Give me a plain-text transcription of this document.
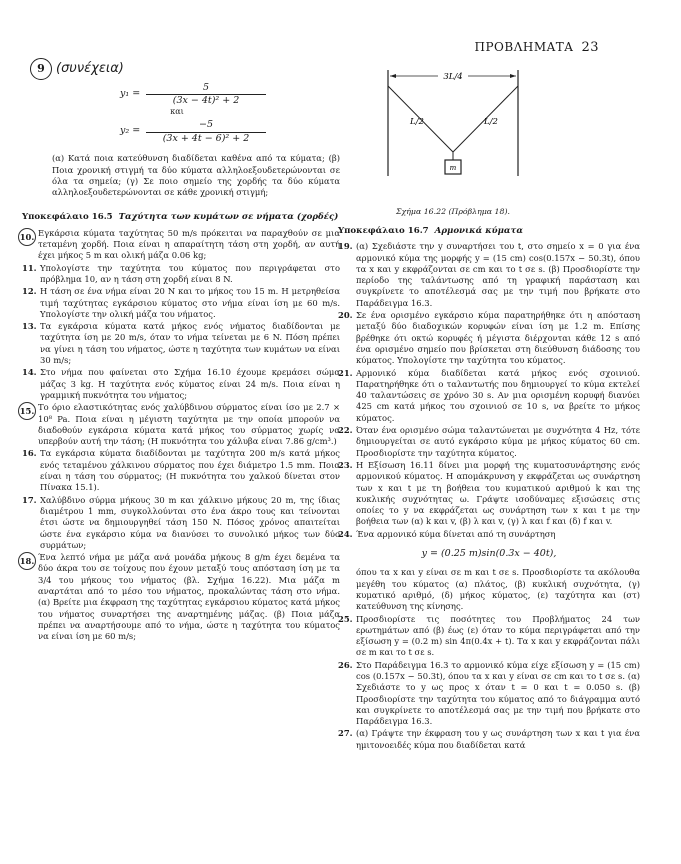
ΠΡΟΒΛΗΜΑΤΑ 23
9 (συνέχεια)
$y_1 = \frac{5}{\text{(3x − 4t)² + 2}}$
και
$y_2 = \frac{-5}{\text{(3x + 4t − 6)² + 2}}$

(α) Κατά ποια κατεύθυνση διαδίδεται καθένα από τα κύματα; (β) Ποια χρονική στιγμή τα δύο κύματα αλληλοεξουδετερώνονται σε όλα τα σημεία; (γ) Σε ποιο σημείο της χορδής τα δύο κύματα αλληλοεξουδετερώνονται σε κάθε χρονική στιγμή;

Υποκεφάλαιο 16.5 Ταχύτητα των κυμάτων σε νήματα (χορδές)
10. Εγκάρσια κύματα ταχύτητας 50 m/s πρόκειται να παραχθούν σε μια τεταμένη χορδή. Ποια είναι η απαραίτητη τάση στη χορδή, αν αυτή έχει μήκος 5 m και ολική μάζα 0.06 kg;
11. Υπολογίστε την ταχύτητα του κύματος που περιγράφεται στο πρόβλημα 10, αν η τάση στη χορδή είναι 8 N.
12. Η τάση σε ένα νήμα είναι 20 N και το μήκος του 15 m. Η μετρηθείσα τιμή ταχύτητας εγκάρσιου κύματος στο νήμα είναι ίση με 60 m/s. Υπολογίστε την ολική μάζα του νήματος.
13. Τα εγκάρσια κύματα κατά μήκος ενός νήματος διαδίδονται με ταχύτητα ίση με 20 m/s, όταν το νήμα τείνεται με 6 N. Πόση πρέπει να γίνει η τάση του νήματος, ώστε η ταχύτητα των κυμάτων να είναι 30 m/s;
14. Στο νήμα που φαίνεται στο Σχήμα 16.10 έχουμε κρεμάσει σώμα μάζας 3 kg. Η ταχύτητα ενός κύματος είναι 24 m/s. Ποια είναι η γραμμική πυκνότητα του νήματος;
15. Το όριο ελαστικότητας ενός χαλύβδινου σύρματος είναι ίσο με 2.7 × 10⁸ Pa. Ποια είναι η μέγιστη ταχύτητα με την οποία μπορούν να διαδοθούν εγκάρσια κύματα κατά μήκος του σύρματος χωρίς να υπερβούν αυτή την τάση; (Η πυκνότητα του χάλυβα είναι 7.86 g/cm³.)
16. Τα εγκάρσια κύματα διαδίδονται με ταχύτητα 200 m/s κατά μήκος ενός τεταμένου χάλκινου σύρματος που έχει διάμετρο 1.5 mm. Ποια είναι η τάση του σύρματος; (Η πυκνότητα του χαλκού δίνεται στον Πίνακα 15.1).
17. Χαλύβδινο σύρμα μήκους 30 m και χάλκινο μήκους 20 m, της ίδιας διαμέτρου 1 mm, συγκολλούνται στο ένα άκρο τους και τείνονται έτσι ώστε να δημιουργηθεί τάση 150 N. Πόσος χρόνος απαιτείται ώστε ένα εγκάρσιο κύμα να διανύσει το συνολικό μήκος των δύο συρμάτων;
18. Ένα λεπτό νήμα με μάζα ανά μονάδα μήκους 8 g/m έχει δεμένα τα δύο άκρα του σε τοίχους που έχουν μεταξύ τους απόσταση ίση με τα 3/4 του μήκους του νήματος (βλ. Σχήμα 16.22). Μια μάζα m αναρτάται από το μέσο του νήματος, προκαλώντας τάση στο νήμα. (α) Βρείτε μια έκφραση της ταχύτητας εγκάρσιου κύματος κατά μήκος του νήματος συναρτήσει της αναρτημένης μάζας. (β) Ποια μάζα πρέπει να αναρτήσουμε από το νήμα, ώστε η ταχύτητα του κύματος να είναι ίση με 60 m/s;
3L/4
L/2	L/2
m
Σχήμα 16.22 (Πρόβλημα 18).
Υποκεφάλαιο 16.7 Αρμονικά κύματα
19. (α) Σχεδιάστε την y συναρτήσει του t, στο σημείο x = 0 για ένα αρμονικό κύμα της μορφής y = (15 cm) cos(0.157x − 50.3t), όπου τα x και y εκφράζονται σε cm και το t σε s. (β) Προσδιορίστε την περίοδο της ταλάντωσης από τη γραφική παράσταση και συγκρίνετε το αποτέλεσμά σας με την τιμή που βρήκατε στο Παράδειγμα 16.3.
20. Σε ένα ορισμένο εγκάρσιο κύμα παρατηρήθηκε ότι η απόσταση μεταξύ δύο διαδοχικών κορυφών είναι ίση με 1.2 m. Επίσης βρέθηκε ότι οκτώ κορυφές ή μέγιστα διέρχονται κάθε 12 s από ένα ορισμένο σημείο που βρίσκεται στη διεύθυνση διάδοσης του κύματος. Υπολογίστε την ταχύτητα του κύματος.
21. Αρμονικό κύμα διαδίδεται κατά μήκος ενός σχοινιού. Παρατηρήθηκε ότι ο ταλαντωτής που δημιουργεί το κύμα εκτελεί 40 ταλαντώσεις σε χρόνο 30 s. Αν μια ορισμένη κορυφή διανύει 425 cm κατά μήκος του σχοινιού σε 10 s, να βρείτε το μήκος κύματος.
22. Όταν ένα ορισμένο σώμα ταλαντώνεται με συχνότητα 4 Hz, τότε δημιουργείται σε αυτό εγκάρσιο κύμα με μήκος κύματος 60 cm. Προσδιορίστε την ταχύτητα κύματος.
23. Η Εξίσωση 16.11 δίνει μια μορφή της κυματοσυνάρτησης ενός αρμονικού κύματος. Η απομάκρυνση y εκφράζεται ως συνάρτηση των x και t με τη βοήθεια του κυματικού αριθμού k και της κυκλικής συχνότητας ω. Γράψτε ισοδύναμες εξισώσεις στις οποίες το y να εκφράζεται ως συνάρτηση των x και t με την βοήθεια των (α) k και v, (β) λ και v, (γ) λ και f και (δ) f και v.
24. Ένα αρμονικό κύμα δίνεται από τη συνάρτηση
y = (0.25 m)sin(0.3x − 40t),

όπου τα x και y είναι σε m και t σε s. Προσδιορίστε τα ακόλουθα μεγέθη του κύματος (α) πλάτος, (β) κυκλική συχνότητα, (γ) κυματικό αριθμό, (δ) μήκος κύματος, (ε) ταχύτητα και (στ) κατεύθυνση της κίνησης.

25. Προσδιορίστε τις ποσότητες του Προβλήματος 24 των ερωτημάτων από (β) έως (ε) όταν το κύμα περιγράφεται από την εξίσωση y = (0.2 m) sin 4π(0.4x + t). Τα x και y εκφράζονται πάλι σε m και το t σε s.
26. Στο Παράδειγμα 16.3 το αρμονικό κύμα είχε εξίσωση y = (15 cm) cos (0.157x − 50.3t), όπου τα x και y είναι σε cm και το t σε s. (α) Σχεδιάστε το y ως προς x όταν t = 0 και t = 0.050 s. (β) Προσδιορίστε την ταχύτητα του κύματος από το διάγραμμα αυτό και συγκρίνετε το αποτέλεσμά σας με την τιμή που βρήκατε στο Παράδειγμα 16.3.
27. (α) Γράψτε την έκφραση του y ως συνάρτηση των x και t για ένα ημιτονοειδές κύμα που διαδίδεται κατά
